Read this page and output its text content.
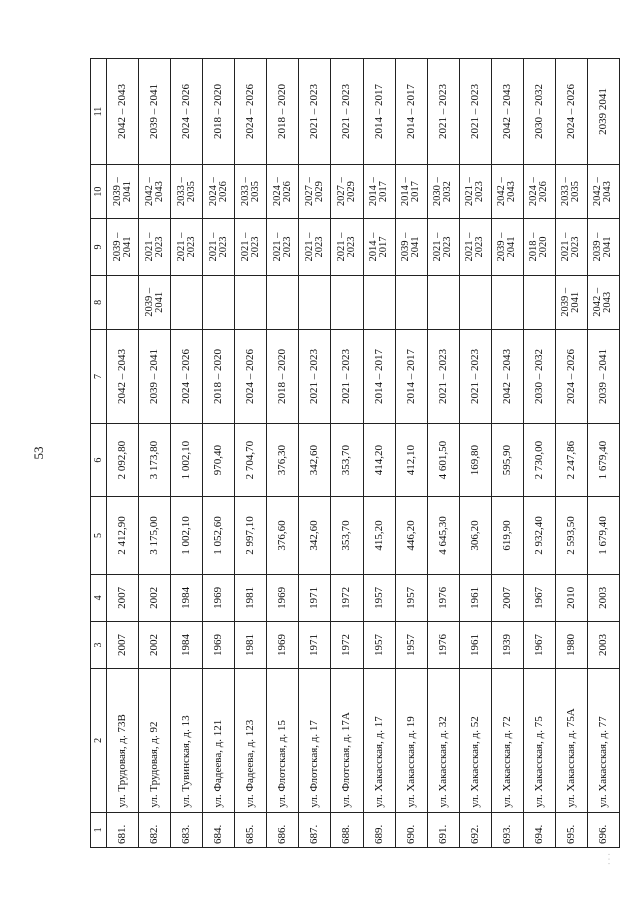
53
1	2	3	4	5	6	7	8	9	10	11
681.	ул. Трудовая, д. 73В	2007	2007	2 412,90	2 092,80	2042 – 2043		2039 – 2041	2039 – 2041	2042 – 2043
682.	ул. Трудовая, д. 92	2002	2002	3 175,00	3 173,80	2039 – 2041	2039 – 2041	2021 – 2023	2042 – 2043	2039 – 2041
683.	ул. Тувинская, д. 13	1984	1984	1 002,10	1 002,10	2024 – 2026		2021 – 2023	2033 – 2035	2024 – 2026
684.	ул. Фадеева, д. 121	1969	1969	1 052,60	970,40	2018 – 2020		2021 – 2023	2024 – 2026	2018 – 2020
685.	ул. Фадеева, д. 123	1981	1981	2 997,10	2 704,70	2024 – 2026		2021 – 2023	2033 – 2035	2024 – 2026
686.	ул. Флотская, д. 15	1969	1969	376,60	376,30	2018 – 2020		2021 – 2023	2024 – 2026	2018 – 2020
687.	ул. Флотская, д. 17	1971	1971	342,60	342,60	2021 – 2023		2021 – 2023	2027 – 2029	2021 – 2023
688.	ул. Флотская, д. 17А	1972	1972	353,70	353,70	2021 – 2023		2021 – 2023	2027 – 2029	2021 – 2023
689.	ул. Хакасская, д. 17	1957	1957	415,20	414,20	2014 – 2017		2014 – 2017	2014 – 2017	2014 – 2017
690.	ул. Хакасская, д. 19	1957	1957	446,20	412,10	2014 – 2017		2039 – 2041	2014 – 2017	2014 – 2017
691.	ул. Хакасская, д. 32	1976	1976	4 645,30	4 601,50	2021 – 2023		2021 – 2023	2030 – 2032	2021 – 2023
692.	ул. Хакасская, д. 52	1961	1961	306,20	169,80	2021 – 2023		2021 – 2023	2021 – 2023	2021 – 2023
693.	ул. Хакасская, д. 72	1939	2007	619,90	595,90	2042 – 2043		2039 – 2041	2042 – 2043	2042 – 2043
694.	ул. Хакасская, д. 75	1967	1967	2 932,40	2 730,00	2030 – 2032		2018 – 2020	2024 – 2026	2030 – 2032
695.	ул. Хакасская, д. 75А	1980	2010	2 593,50	2 247,86	2024 – 2026	2039 – 2041	2021 – 2023	2033 – 2035	2024 – 2026
696.	ул. Хакасская, д. 77	2003	2003	1 679,40	1 679,40	2039 – 2041	2042 – 2043	2039 – 2041	2042 – 2043	2039 2041
· · ·
